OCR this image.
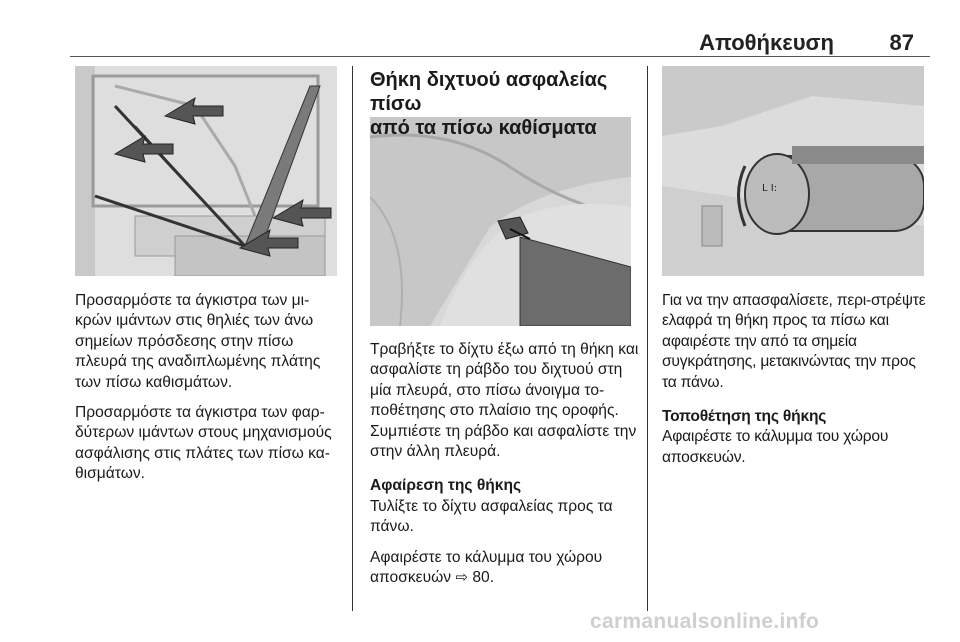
Αποθήκευση	87
L I:

Προσαρμόστε τα άγκιστρα των μι-κρών ιμάντων στις θηλιές των άνω σημείων πρόσδεσης στην πίσω πλευρά της αναδιπλωμένης πλάτης των πίσω καθισμάτων.

Προσαρμόστε τα άγκιστρα των φαρ-δύτερων ιμάντων στους μηχανισμούς ασφάλισης στις πλάτες των πίσω κα-θισμάτων.

Θήκη διχτυού ασφαλείας πίσω

από τα πίσω καθίσματα

Τραβήξτε το δίχτυ έξω από τη θήκη και ασφαλίστε τη ράβδο του διχτυού στη μία πλευρά, στο πίσω άνοιγμα το-ποθέτησης στο πλαίσιο της οροφής. Συμπιέστε τη ράβδο και ασφαλίστε την στην άλλη πλευρά.

Αφαίρεση της θήκης

Τυλίξτε το δίχτυ ασφαλείας προς τα πάνω.

Αφαιρέστε το κάλυμμα του χώρου αποσκευών ⇨ 80.

Για να την απασφαλίσετε, περι-στρέψτε ελαφρά τη θήκη προς τα πίσω και αφαιρέστε την από τα σημεία συγκράτησης, μετακινώντας την προς τα πάνω.

Τοποθέτηση της θήκης

Αφαιρέστε το κάλυμμα του χώρου αποσκευών.

carmanualsonline.info
